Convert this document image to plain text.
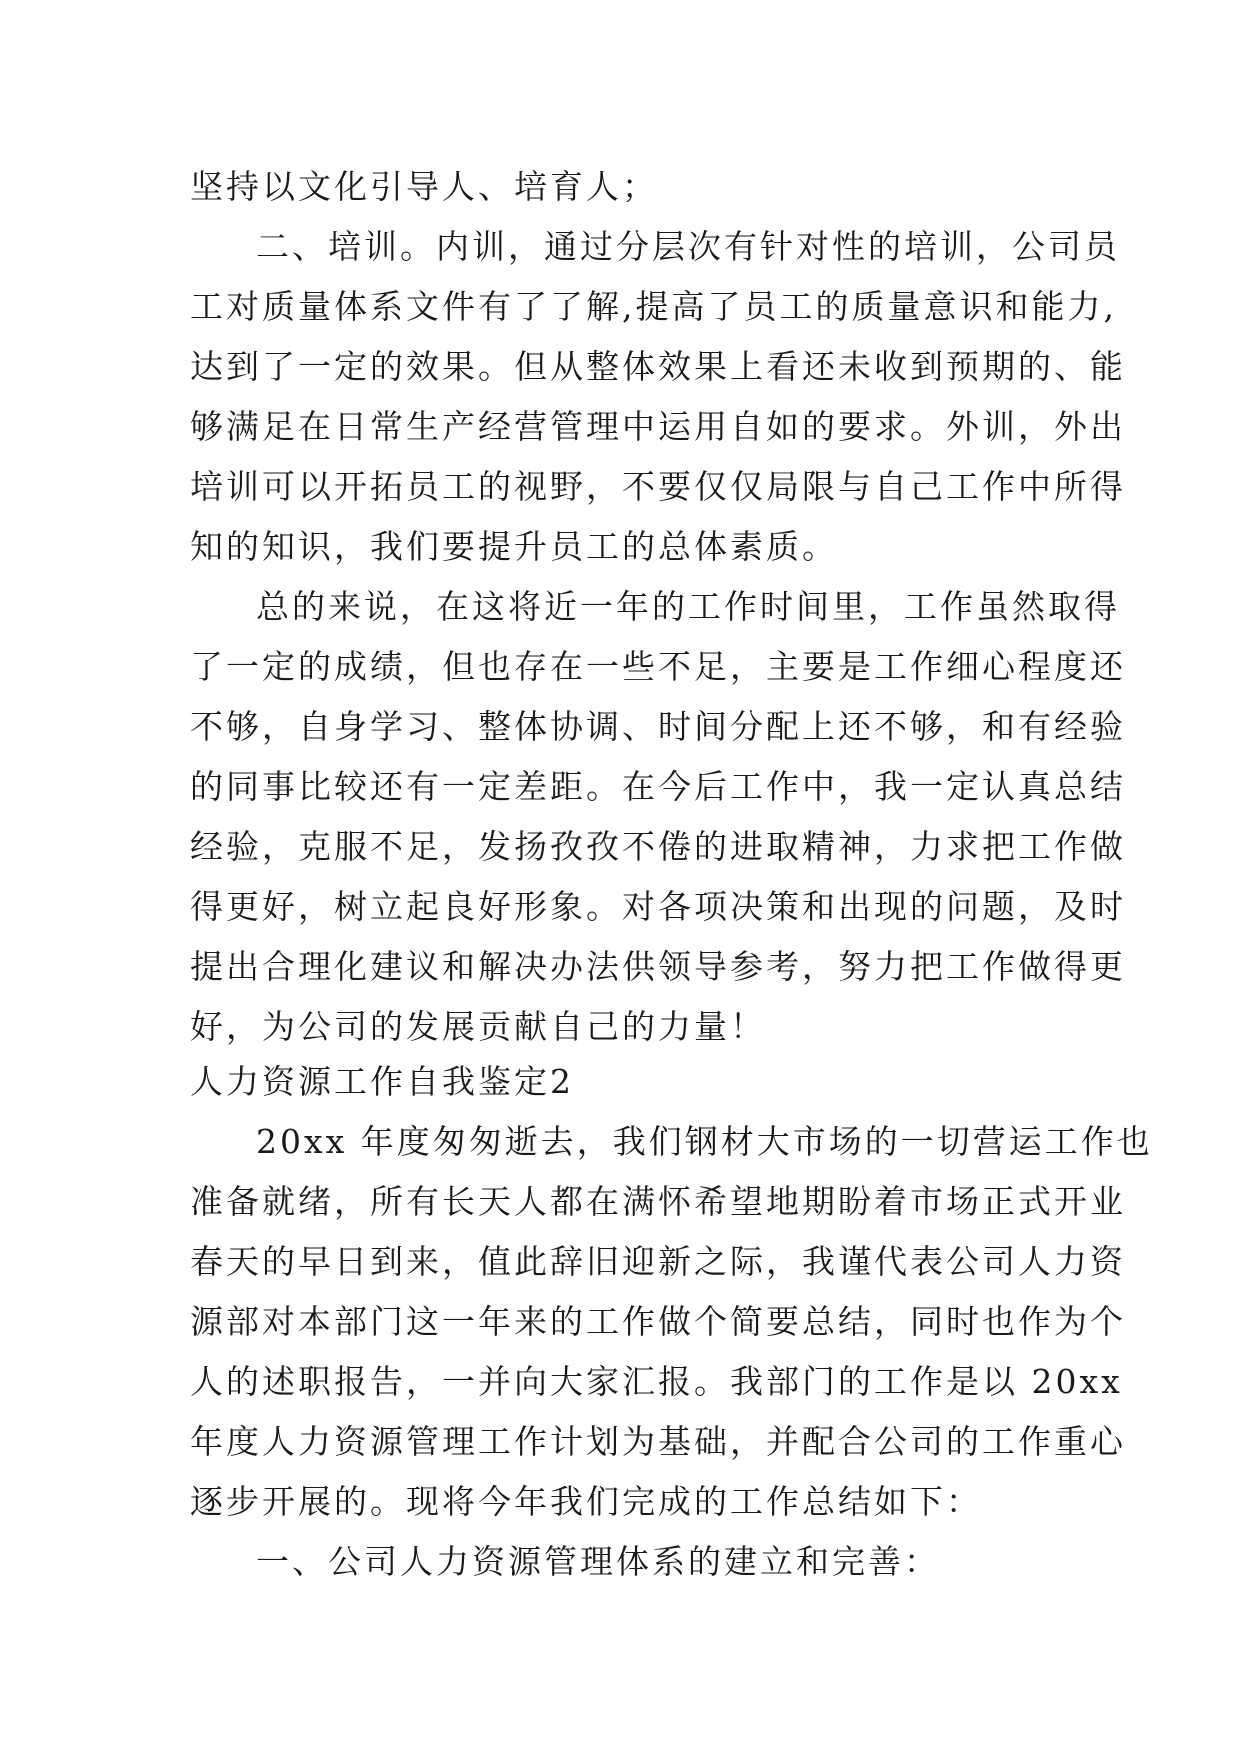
坚持以文化引导人、培育人；
二、培训。内训，通过分层次有针对性的培训，公司员
工对质量体系文件有了了解,提高了员工的质量意识和能力,
达到了一定的效果。但从整体效果上看还未收到预期的、能
够满足在日常生产经营管理中运用自如的要求。外训，外出
培训可以开拓员工的视野，不要仅仅局限与自己工作中所得
知的知识，我们要提升员工的总体素质。
总的来说，在这将近一年的工作时间里，工作虽然取得
了一定的成绩，但也存在一些不足，主要是工作细心程度还
不够，自身学习、整体协调、时间分配上还不够，和有经验
的同事比较还有一定差距。在今后工作中，我一定认真总结
经验，克服不足，发扬孜孜不倦的进取精神，力求把工作做
得更好，树立起良好形象。对各项决策和出现的问题，及时
提出合理化建议和解决办法供领导参考，努力把工作做得更
好，为公司的发展贡献自己的力量！
人力资源工作自我鉴定2
20xx 年度匆匆逝去，我们钢材大市场的一切营运工作也
准备就绪，所有长天人都在满怀希望地期盼着市场正式开业
春天的早日到来，值此辞旧迎新之际，我谨代表公司人力资
源部对本部门这一年来的工作做个简要总结，同时也作为个
人的述职报告，一并向大家汇报。我部门的工作是以 20xx
年度人力资源管理工作计划为基础，并配合公司的工作重心
逐步开展的。现将今年我们完成的工作总结如下：
一、公司人力资源管理体系的建立和完善：
